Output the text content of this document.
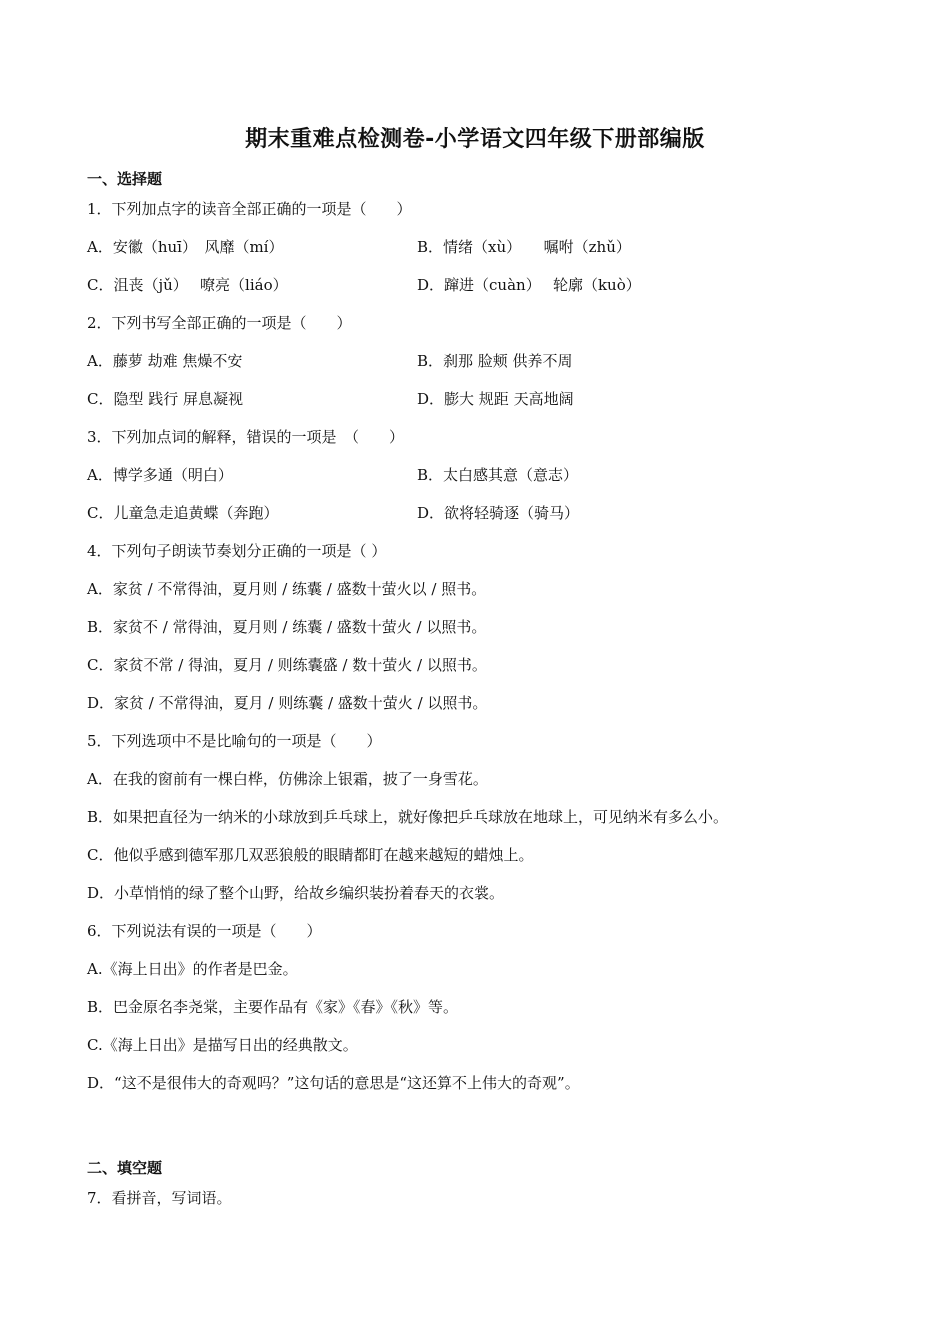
期末重难点检测卷-小学语文四年级下册部编版
一、选择题
1．下列加点字的读音全部正确的一项是（　　）
A．安徽（huī）　风靡（mí）	B．情绪（xù）　　嘱咐（zhǔ）
C．沮丧（jǔ）　 嘹亮（liáo）	D．蹿进（cuàn）　 轮廓（kuò）
2．下列书写全部正确的一项是（　　）
A．藤萝 劫难 焦燥不安	B．刹那 脸颊 供养不周
C．隐型 践行 屏息凝视	D．膨大 规距 天高地阔
3．下列加点词的解释，错误的一项是　（　　）
A．博学多通（明白）	B．太白感其意（意志）
C．儿童急走追黄蝶（奔跑）	D．欲将轻骑逐（骑马）
4．下列句子朗读节奏划分正确的一项是（ ）
A．家贫 / 不常得油，夏月则 / 练囊 / 盛数十萤火以 / 照书。
B．家贫不 / 常得油，夏月则 / 练囊 / 盛数十萤火 / 以照书。
C．家贫不常 / 得油，夏月 / 则练囊盛 / 数十萤火 / 以照书。
D．家贫 / 不常得油，夏月 / 则练囊 / 盛数十萤火 / 以照书。
5．下列选项中不是比喻句的一项是（　　）
A．在我的窗前有一棵白桦，仿佛涂上银霜，披了一身雪花。
B．如果把直径为一纳米的小球放到乒乓球上，就好像把乒乓球放在地球上，可见纳米有多么小。
C．他似乎感到德军那几双恶狼般的眼睛都盯在越来越短的蜡烛上。
D．小草悄悄的绿了整个山野，给故乡编织装扮着春天的衣裳。
6．下列说法有误的一项是（　　）
A.《海上日出》的作者是巴金。
B．巴金原名李尧棠，主要作品有《家》《春》《秋》等。
C.《海上日出》是描写日出的经典散文。
D．“这不是很伟大的奇观吗？”这句话的意思是“这还算不上伟大的奇观”。
二、填空题
7．看拼音，写词语。
